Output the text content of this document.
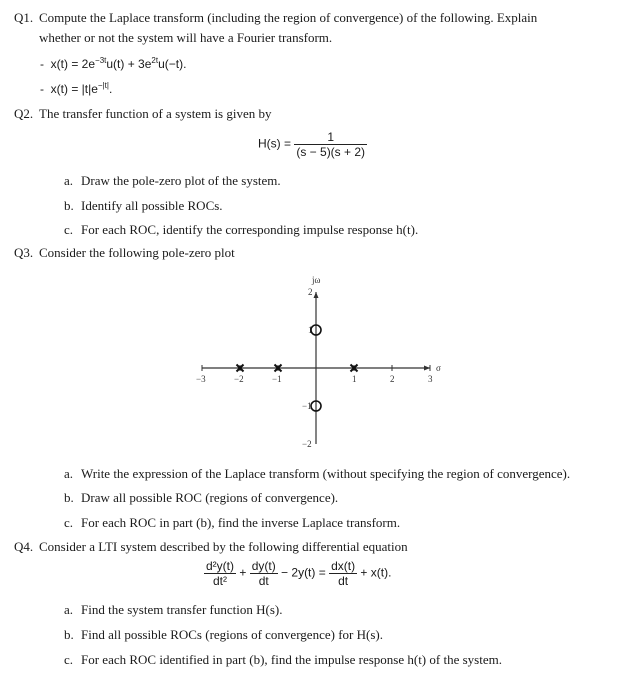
Q1. Compute the Laplace transform (including the region of convergence) of the following. Explain
whether or not the system will have a Fourier transform.
- $x(t) = 2e^{-3t}u(t) + 3e^{2t}u(-t)$.
- $x(t) = |t|e^{-|t|}$.
Q2. The transfer function of a system is given by
$H(s) = \frac{1}{(s - 5)(s + 2)}$
a. Draw the pole-zero plot of the system.
b. Identify all possible ROCs.
c. For each ROC, identify the corresponding impulse response h(t).
Q3. Consider the following pole-zero plot
σ
jω
−3	−2	−1	1	2	3
2
1
−1
−2
a. Write the expression of the Laplace transform (without specifying the region of convergence).
b. Draw all possible ROC (regions of convergence).
c. For each ROC in part (b), find the inverse Laplace transform.
Q4. Consider a LTI system described by the following differential equation
$\frac{\text{d²y(t)}}{\text{dt²}} + \frac{dy(t)}{dt} - 2y(t) = \frac{dx(t)}{dt} + x(t)$.
a. Find the system transfer function H(s).
b. Find all possible ROCs (regions of convergence) for H(s).
c. For each ROC identified in part (b), find the impulse response h(t) of the system.
